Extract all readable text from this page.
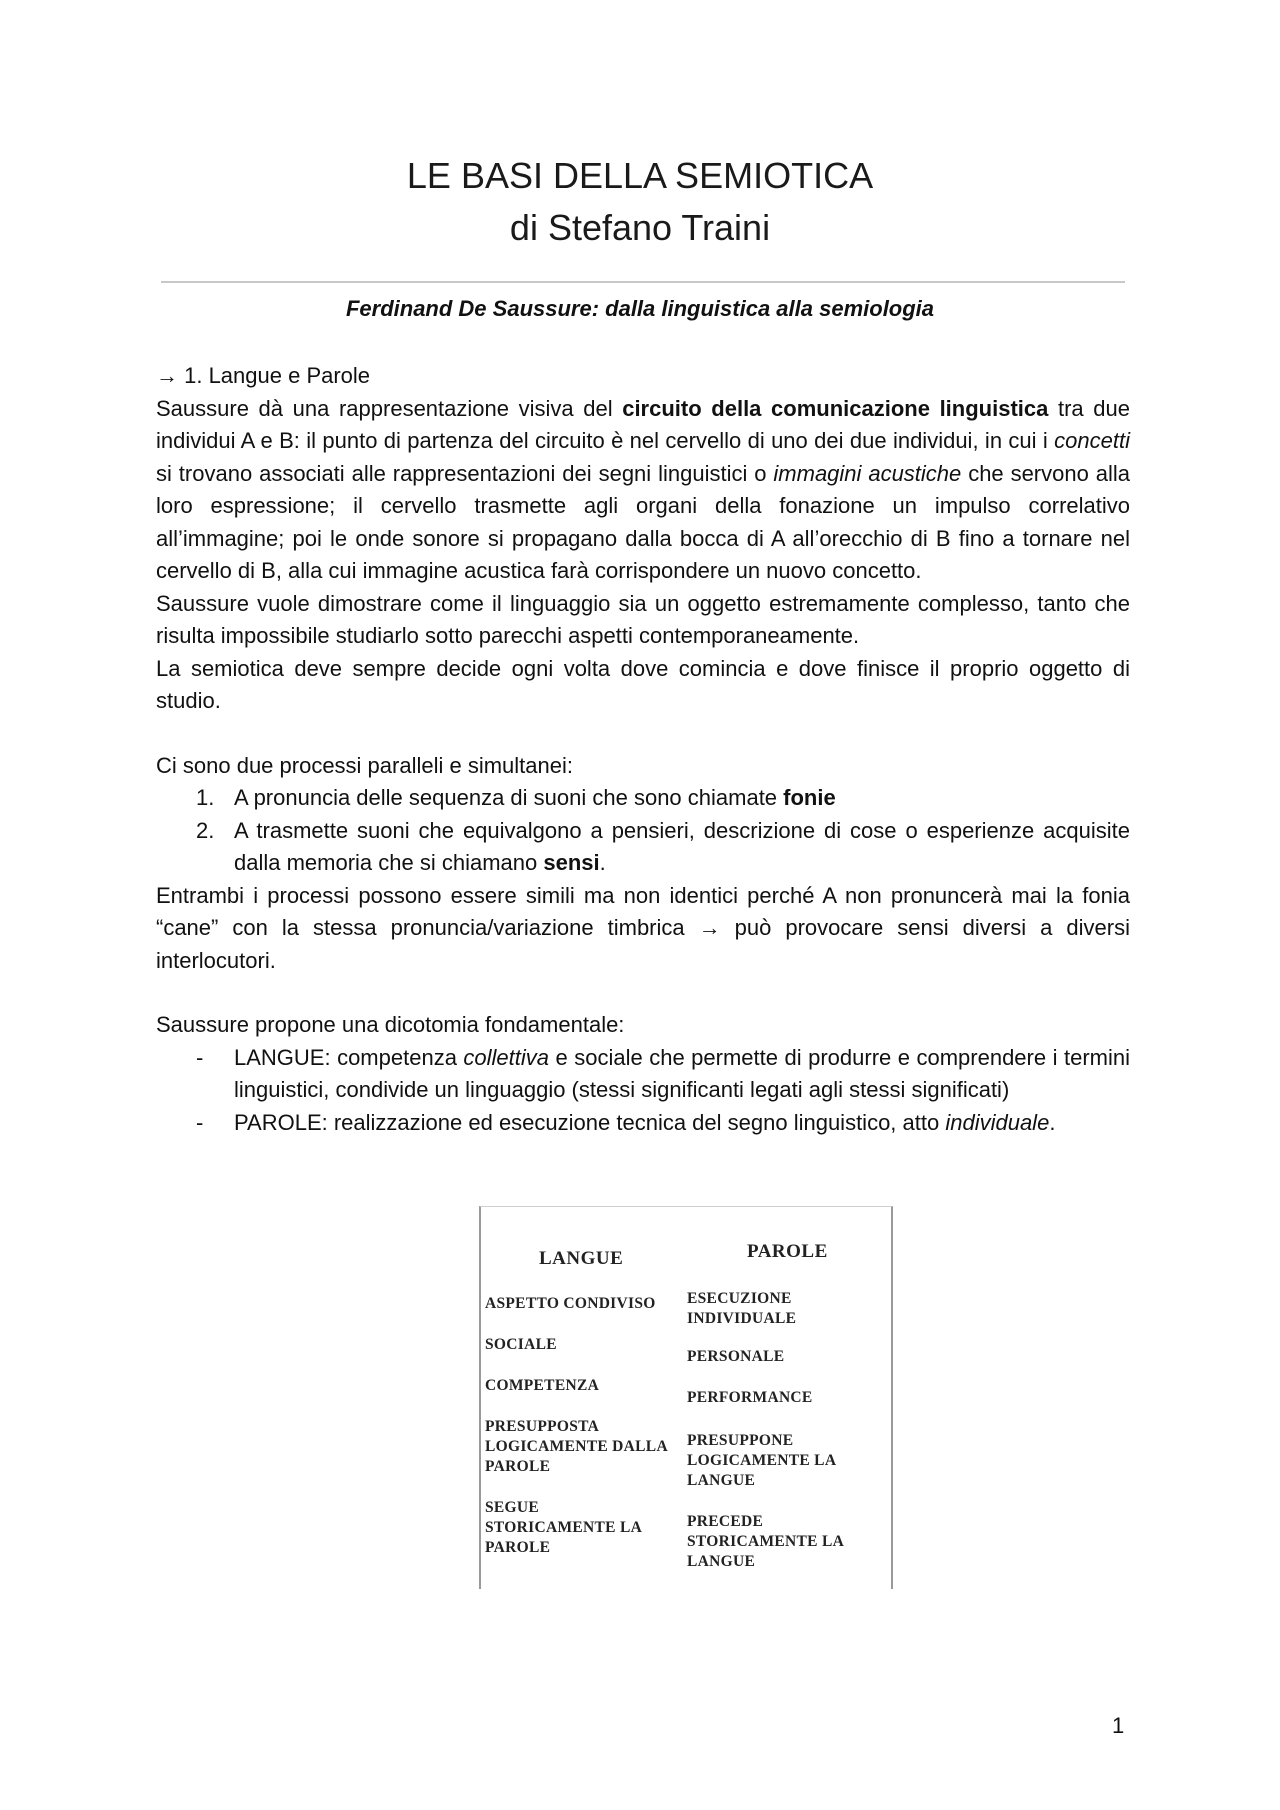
LE BASI DELLA SEMIOTICA
di Stefano Traini
Ferdinand De Saussure: dalla linguistica alla semiologia

→ 1. Langue e Parole

Saussure dà una rappresentazione visiva del circuito della comunicazione linguistica tra due individui A e B: il punto di partenza del circuito è nel cervello di uno dei due individui, in cui i concetti si trovano associati alle rappresentazioni dei segni linguistici o immagini acustiche che servono alla loro espressione; il cervello trasmette agli organi della fonazione un impulso correlativo all’immagine; poi le onde sonore si propagano dalla bocca di A all’orecchio di B fino a tornare nel cervello di B, alla cui immagine acustica farà corrispondere un nuovo concetto.

Saussure vuole dimostrare come il linguaggio sia un oggetto estremamente complesso, tanto che risulta impossibile studiarlo sotto parecchi aspetti contemporaneamente.

La semiotica deve sempre decide ogni volta dove comincia e dove finisce il proprio oggetto di studio.

Ci sono due processi paralleli e simultanei:

1. A pronuncia delle sequenza di suoni che sono chiamate fonie
2. A trasmette suoni che equivalgono a pensieri, descrizione di cose o esperienze acquisite dalla memoria che si chiamano sensi.

Entrambi i processi possono essere simili ma non identici perché A non pronuncerà mai la fonia “cane” con la stessa pronuncia/variazione timbrica → può provocare sensi diversi a diversi interlocutori.

Saussure propone una dicotomia fondamentale:

- LANGUE: competenza collettiva e sociale che permette di produrre e comprendere i termini linguistici, condivide un linguaggio (stessi significanti legati agli stessi significati)
- PAROLE: realizzazione ed esecuzione tecnica del segno linguistico, atto individuale.
LANGUE
ASPETTO CONDIVISO
SOCIALE
COMPETENZA
PRESUPPOSTA LOGICAMENTE DALLA PAROLE
SEGUE STORICAMENTE LA PAROLE
PAROLE
ESECUZIONE INDIVIDUALE
PERSONALE
PERFORMANCE
PRESUPPONE LOGICAMENTE LA LANGUE
PRECEDE STORICAMENTE LA LANGUE
1
